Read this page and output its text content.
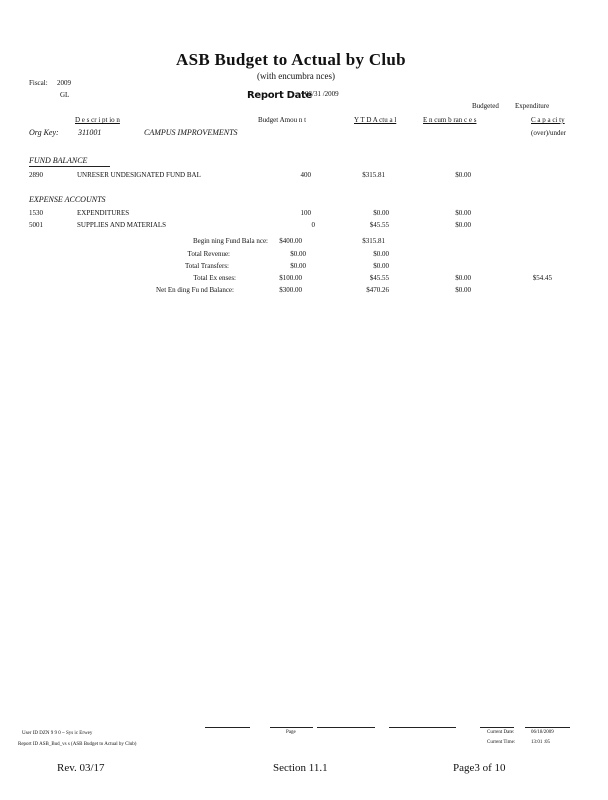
ASB Budget to Actual by Club
(with encumbra nces)
Fiscal: 2009
GL	Report Date
03/31 /2009
Budgeted Expenditure
D e s cr i pt io n	Budget Amou n t	Y T D A ctu a l	E n cum b ran c e s	C a p a ci ty
Org Key: 311001	CAMPUS IMPROVEMENTS	(over)/under
FUND BALANCE
2890	UNRESER UNDESIGNATED FUND BAL	400	$315.81	$0.00
EXPENSE ACCOUNTS
1530	EXPENDITURES	100	$0.00	$0.00
5001	SUPPLIES AND MATERIALS	0	$45.55	$0.00
Begin ning Fund Bala nce:	$400.00	$315.81
Total Revenue:	$0.00	$0.00
Total Transfers:	$0.00	$0.00
Total Ex enses:	$100.00	$45.55	$0.00	$54.45
Net En ding Fu nd Balance:	$300.00	$470.26	$0.00
Page
User ID DZN 9 9 0 ~ Sys ic Erwey
Report ID ASB_Bud_vs s (ASB Budget to Actual by Club)
Current Date:	06/18/2009
Current Time:	13:01 :05
Rev. 03/17	Section 11.1	Page3 of 10
